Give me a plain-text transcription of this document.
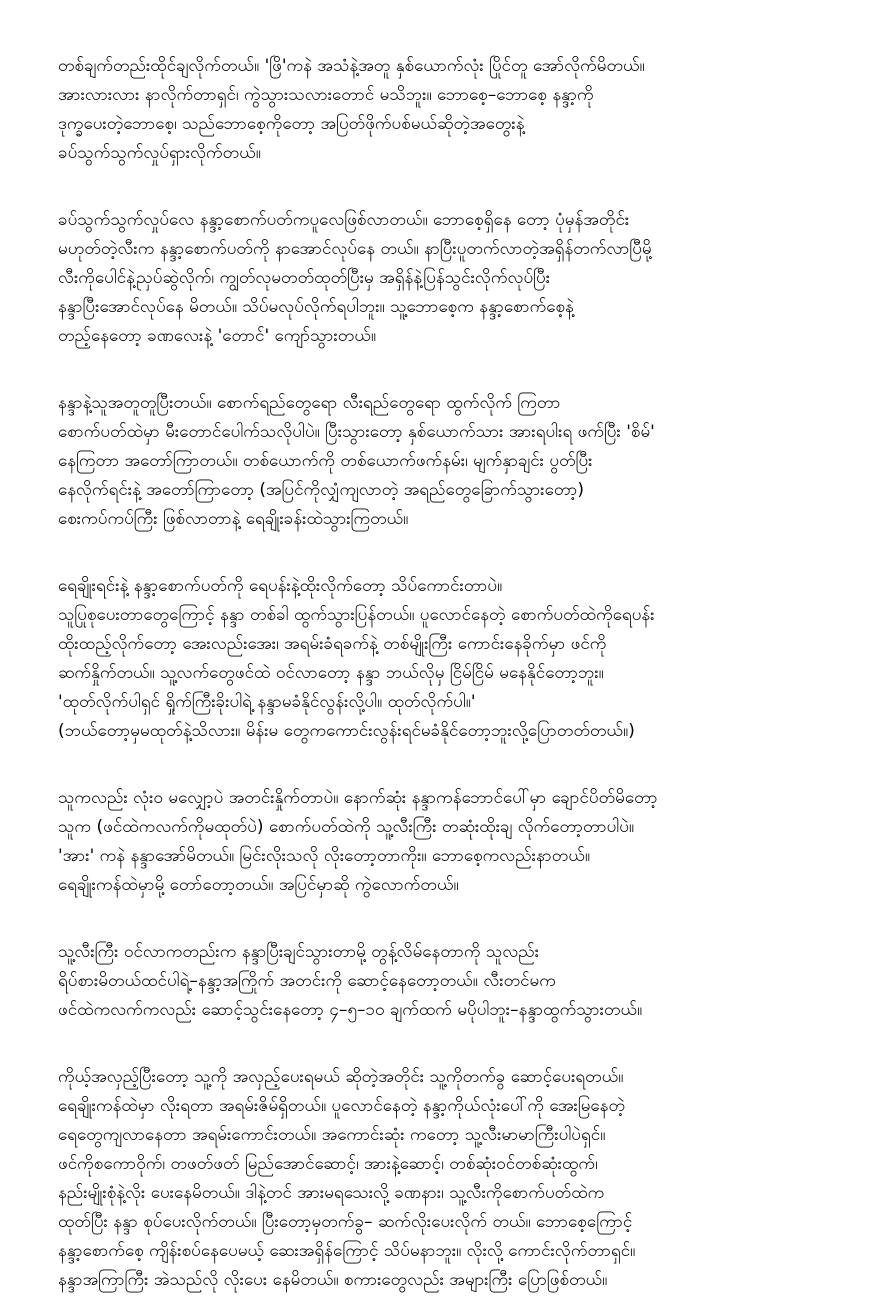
တစ်ချက်တည်းထိုင်ချလိုက်တယ်။ 'ဖြိ'ကနဲ အသံနဲ့အတူ နှစ်ယောက်လုံး ပြိုင်တူ အော်လိုက်မိတယ်။
အားလားလား နာလိုက်တာရှင်၊ ကွဲသွားသလားတောင် မသိဘူး။ ဘောစေ့–ဘောစေ့ နန္ဒာ့ကို
ဒုက္ခပေးတဲ့ဘောစေ့၊ သည်ဘောစေ့ကိုတော့ အပြတ်ဖိုက်ပစ်မယ်ဆိုတဲ့အတွေးနဲ့
ခပ်သွက်သွက်လှုပ်ရှားလိုက်တယ်။
ခပ်သွက်သွက်လှုပ်လေ နန္ဒာ့စောက်ပတ်ကပူလေဖြစ်လာတယ်။ ဘောစေ့ရှိနေ တော့ ပုံမှန်အတိုင်း
မဟုတ်တဲ့လီးက နန္ဒာ့စောက်ပတ်ကို နာအောင်လုပ်နေ တယ်။ နာပြီးပူတက်လာတဲ့အရှိန်တက်လာပြီမို့
လီးကိုပေါင်နဲ့ညှပ်ဆွဲလိုက်၊ ကျွတ်လုမတတ်ထုတ်ပြီးမှ အရှိန်နဲ့ပြန်သွင်းလိုက်လုပ်ပြီး
နန္ဒာပြီးအောင်လုပ်နေ မိတယ်။ သိပ်မလုပ်လိုက်ရပါဘူး။ သူ့ဘောစေ့က နန္ဒာ့စောက်စေ့နဲ့
တည့်နေတော့ ခဏလေးနဲ့ 'တောင်' ကျော်သွားတယ်။
နန္ဒာနဲ့သူအတူတူပြီးတယ်။ စောက်ရည်တွေရော လီးရည်တွေရော ထွက်လိုက် ကြတာ
စောက်ပတ်ထဲမှာ မီးတောင်ပေါက်သလိုပါပဲ။ ပြီးသွားတော့ နှစ်ယောက်သား အားရပါးရ ဖက်ပြီး 'စိမ်'
နေကြတာ အတော်ကြာတယ်။ တစ်ယောက်ကို တစ်ယောက်ဖက်နမ်း၊ မျက်နှာချင်း ပွတ်ပြီး
နေလိုက်ရင်းနဲ့ အတော်ကြာတော့ (အပြင်ကိုလျှံကျလာတဲ့ အရည်တွေခြောက်သွားတော့)
စေးကပ်ကပ်ကြီး ဖြစ်လာတာနဲ့ ရေချိုးခန်းထဲသွားကြတယ်။
ရေချိုးရင်းနဲ့ နန္ဒာ့စောက်ပတ်ကို ရေပန်းနဲ့ထိုးလိုက်တော့ သိပ်ကောင်းတာပဲ။
သူပြုစုပေးတာတွေကြောင့် နန္ဒာ တစ်ခါ ထွက်သွားပြန်တယ်။ ပူလောင်နေတဲ့ စောက်ပတ်ထဲကိုရေပန်း
ထိုးထည့်လိုက်တော့ အေးလည်းအေး၊ အရမ်းခံရခက်နဲ့ တစ်မျိုးကြီး ကောင်းနေခိုက်မှာ ဖင်ကို
ဆက်နှိုက်တယ်။ သူ့လက်တွေဖင်ထဲ ဝင်လာတော့ နန္ဒာ ဘယ်လိုမှ ငြိမ်ငြိမ် မနေနိုင်တော့ဘူး။
'ထုတ်လိုက်ပါရှင် ရှိုက်ကြီးခိုးပါရဲ့ နန္ဒာမခံနိုင်လွန်းလို့ပါ။ ထုတ်လိုက်ပါ။'
(ဘယ်တော့မှမထုတ်နဲ့သိလား။ မိန်းမ တွေကကောင်းလွန်းရင်မခံနိုင်တော့ဘူးလို့ပြောတတ်တယ်။)
သူကလည်း လုံးဝ မလျှော့ပဲ အတင်းနှိုက်တာပဲ။ နောက်ဆုံး နန္ဒာကန်ဘောင်ပေါ်မှာ ချောင်ပိတ်မိတော့
သူက (ဖင်ထဲကလက်ကိုမထုတ်ပဲ) စောက်ပတ်ထဲကို သူ့လီးကြီး တဆုံးထိုးချ လိုက်တော့တာပါပဲ။
'အား' ကနဲ နန္ဒာအော်မိတယ်။ မြင်းလိုးသလို လိုးတော့တာကိုး။ ဘောစေ့ကလည်းနာတယ်။
ရေချိုးကန်ထဲမှာမို့ တော်တော့တယ်။ အပြင်မှာဆို ကွဲလောက်တယ်။
သူ့လီးကြီး ဝင်လာကတည်းက နန္ဒာပြီးချင်သွားတာမို့ တွန့်လိမ်နေတာကို သူလည်း
ရိပ်စားမိတယ်ထင်ပါရဲ့–နန္ဒာ့အကြိုက် အတင်းကို ဆောင့်နေတော့တယ်။ လီးတင်မက
ဖင်ထဲကလက်ကလည်း ဆောင့်သွင်းနေတော့ ၄–၅–၁၀ ချက်ထက် မပိုပါဘူး–နန္ဒာထွက်သွားတယ်။
ကိုယ့်အလှည့်ပြီးတော့ သူ့ကို အလှည့်ပေးရမယ် ဆိုတဲ့အတိုင်း သူ့ကိုတက်ခွ ဆောင့်ပေးရတယ်။
ရေချိုးကန်ထဲမှာ လိုးရတာ အရမ်းဇိမ်ရှိတယ်။ ပူလောင်နေတဲ့ နန္ဒာ့ကိုယ်လုံးပေါ်ကို အေးမြနေတဲ့
ရေတွေကျလာနေတာ အရမ်းကောင်းတယ်။ အကောင်းဆုံး ကတော့ သူ့လီးမာမာကြီးပါပဲရှင်။
ဖင်ကိုစကောဝိုက်၊ တဖတ်ဖတ် မြည်အောင်ဆောင့်၊ အားနဲ့ဆောင့်၊ တစ်ဆုံးဝင်တစ်ဆုံးထွက်၊
နည်းမျိုးစုံနဲ့လိုး ပေးနေမိတယ်။ ဒါနဲ့တင် အားမရသေးလို့ ခဏနား၊ သူ့လီးကိုစောက်ပတ်ထဲက
ထုတ်ပြီး နန္ဒာ စုပ်ပေးလိုက်တယ်။ ပြီးတော့မှတက်ခွ– ဆက်လိုးပေးလိုက် တယ်။ ဘောစေ့ကြောင့်
နန္ဒာ့စောက်စေ့ ကျိန်းစပ်နေပေမယ့် ဆေးအရှိန်ကြောင့် သိပ်မနာဘူး။ လိုးလို့ ကောင်းလိုက်တာရှင်။
နန္ဒာအကြာကြီး အဲသည်လို လိုးပေး နေမိတယ်။ စကားတွေလည်း အများကြီး ပြောဖြစ်တယ်။
